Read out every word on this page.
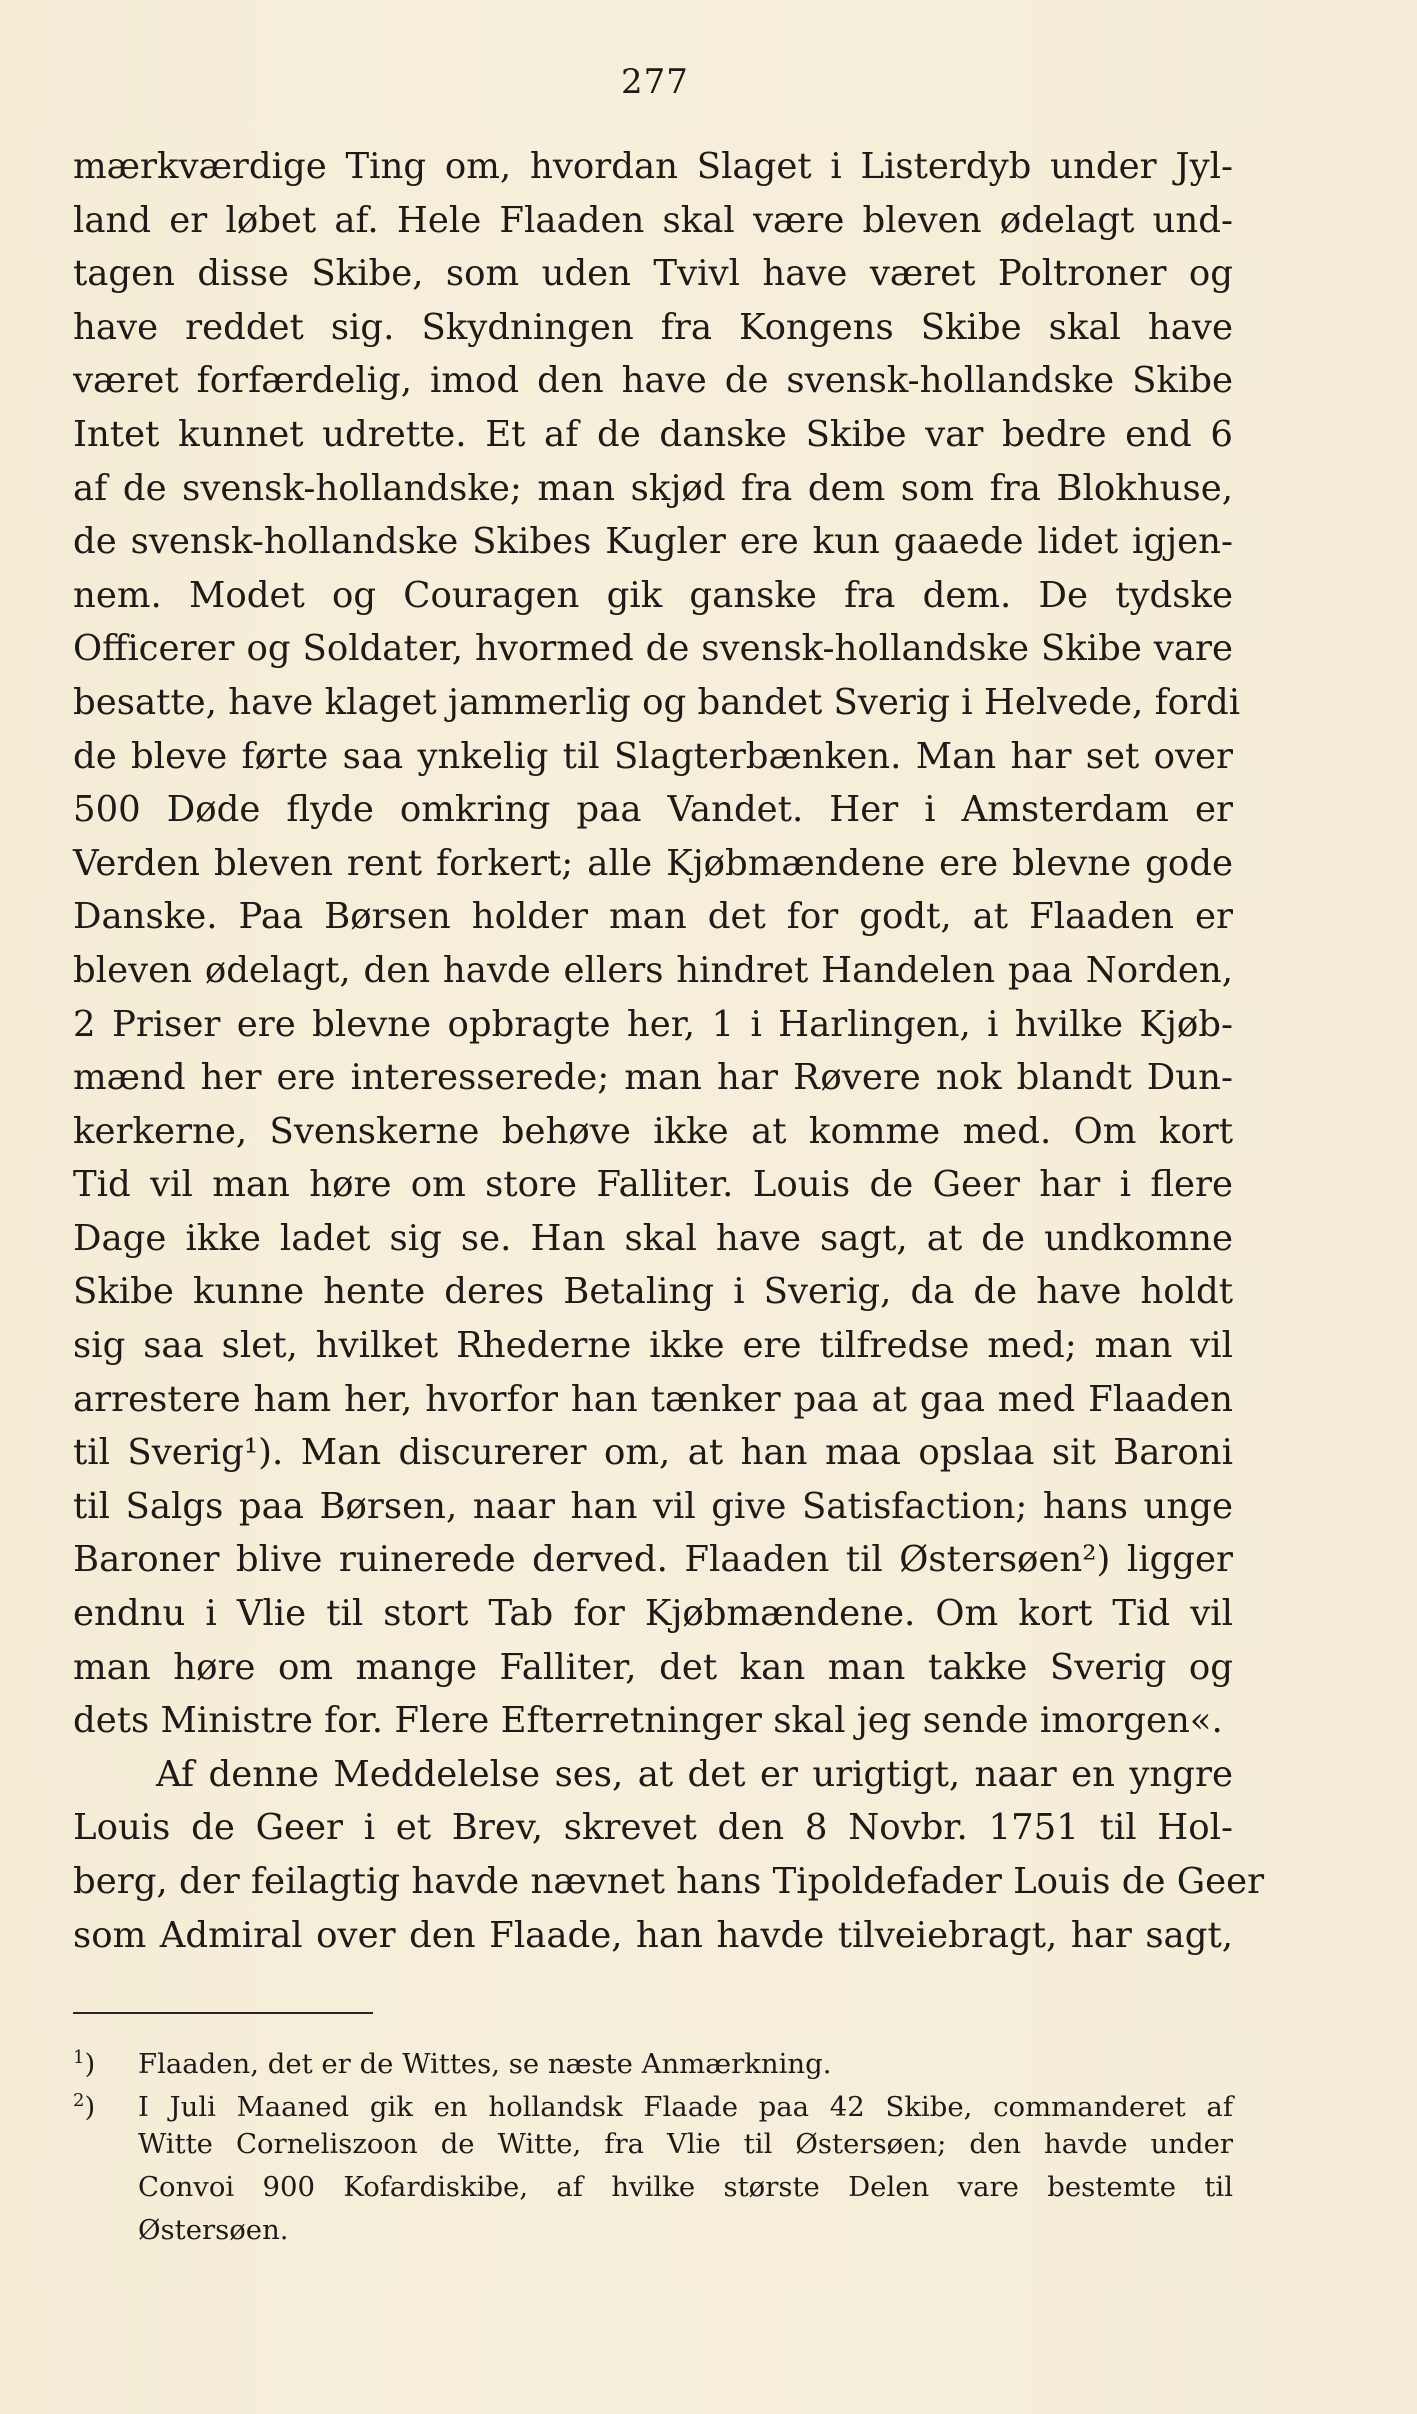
277
mærkværdige Ting om, hvordan Slaget i Listerdyb under Jyl-
land er løbet af. Hele Flaaden skal være bleven ødelagt und-
tagen disse Skibe, som uden Tvivl have været Poltroner og
have reddet sig. Skydningen fra Kongens Skibe skal have
været forfærdelig, imod den have de svensk-hollandske Skibe
Intet kunnet udrette. Et af de danske Skibe var bedre end 6
af de svensk-hollandske; man skjød fra dem som fra Blokhuse,
de svensk-hollandske Skibes Kugler ere kun gaaede lidet igjen-
nem. Modet og Couragen gik ganske fra dem. De tydske
Officerer og Soldater, hvormed de svensk-hollandske Skibe vare
besatte, have klaget jammerlig og bandet Sverig i Helvede, fordi
de bleve førte saa ynkelig til Slagterbænken. Man har set over
500 Døde flyde omkring paa Vandet. Her i Amsterdam er
Verden bleven rent forkert; alle Kjøbmændene ere blevne gode
Danske. Paa Børsen holder man det for godt, at Flaaden er
bleven ødelagt, den havde ellers hindret Handelen paa Norden,
2 Priser ere blevne opbragte her, 1 i Harlingen, i hvilke Kjøb-
mænd her ere interesserede; man har Røvere nok blandt Dun-
kerkerne, Svenskerne behøve ikke at komme med. Om kort
Tid vil man høre om store Falliter. Louis de Geer har i flere
Dage ikke ladet sig se. Han skal have sagt, at de undkomne
Skibe kunne hente deres Betaling i Sverig, da de have holdt
sig saa slet, hvilket Rhederne ikke ere tilfredse med; man vil
arrestere ham her, hvorfor han tænker paa at gaa med Flaaden
til Sverig¹). Man discurerer om, at han maa opslaa sit Baroni
til Salgs paa Børsen, naar han vil give Satisfaction; hans unge
Baroner blive ruinerede derved. Flaaden til Østersøen²) ligger
endnu i Vlie til stort Tab for Kjøbmændene. Om kort Tid vil
man høre om mange Falliter, det kan man takke Sverig og
dets Ministre for. Flere Efterretninger skal jeg sende imorgen«.
Af denne Meddelelse ses, at det er urigtigt, naar en yngre
Louis de Geer i et Brev, skrevet den 8 Novbr. 1751 til Hol-
berg, der feilagtig havde nævnet hans Tipoldefader Louis de Geer
som Admiral over den Flaade, han havde tilveiebragt, har sagt,
$^1$) Flaaden, det er de Wittes, se næste Anmærkning.
$^2$) I Juli Maaned gik en hollandsk Flaade paa 42 Skibe, commanderet af
Witte Corneliszoon de Witte, fra Vlie til Østersøen; den havde under
Convoi 900 Kofardiskibe, af hvilke største Delen vare bestemte til
Østersøen.
